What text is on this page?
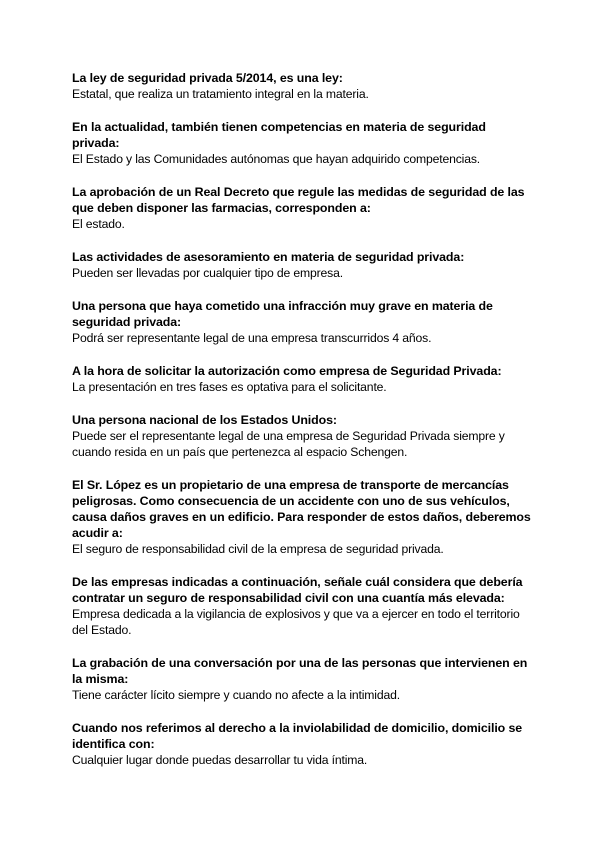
La ley de seguridad privada 5/2014, es una ley:

Estatal, que realiza un tratamiento integral en la materia.

En la actualidad, también tienen competencias en materia de seguridad privada:

El Estado y las Comunidades autónomas que hayan adquirido competencias.

La aprobación de un Real Decreto que regule las medidas de seguridad de las que deben disponer las farmacias, corresponden a:

El estado.

Las actividades de asesoramiento en materia de seguridad privada:

Pueden ser llevadas por cualquier tipo de empresa.

Una persona que haya cometido una infracción muy grave en materia de seguridad privada:

Podrá ser representante legal de una empresa transcurridos 4 años.

A la hora de solicitar la autorización como empresa de Seguridad Privada:

La presentación en tres fases es optativa para el solicitante.

Una persona nacional de los Estados Unidos:

Puede ser el representante legal de una empresa de Seguridad Privada siempre y cuando resida en un país que pertenezca al espacio Schengen.

El Sr. López es un propietario de una empresa de transporte de mercancías peligrosas. Como consecuencia de un accidente con uno de sus vehículos, causa daños graves en un edificio. Para responder de estos daños, deberemos acudir a:

El seguro de responsabilidad civil de la empresa de seguridad privada.

De las empresas indicadas a continuación, señale cuál considera que debería contratar un seguro de responsabilidad civil con una cuantía más elevada:

Empresa dedicada a la vigilancia de explosivos y que va a ejercer en todo el territorio del Estado.

La grabación de una conversación por una de las personas que intervienen en la misma:

Tiene carácter lícito siempre y cuando no afecte a la intimidad.

Cuando nos referimos al derecho a la inviolabilidad de domicilio, domicilio se identifica con:

Cualquier lugar donde puedas desarrollar tu vida íntima.
